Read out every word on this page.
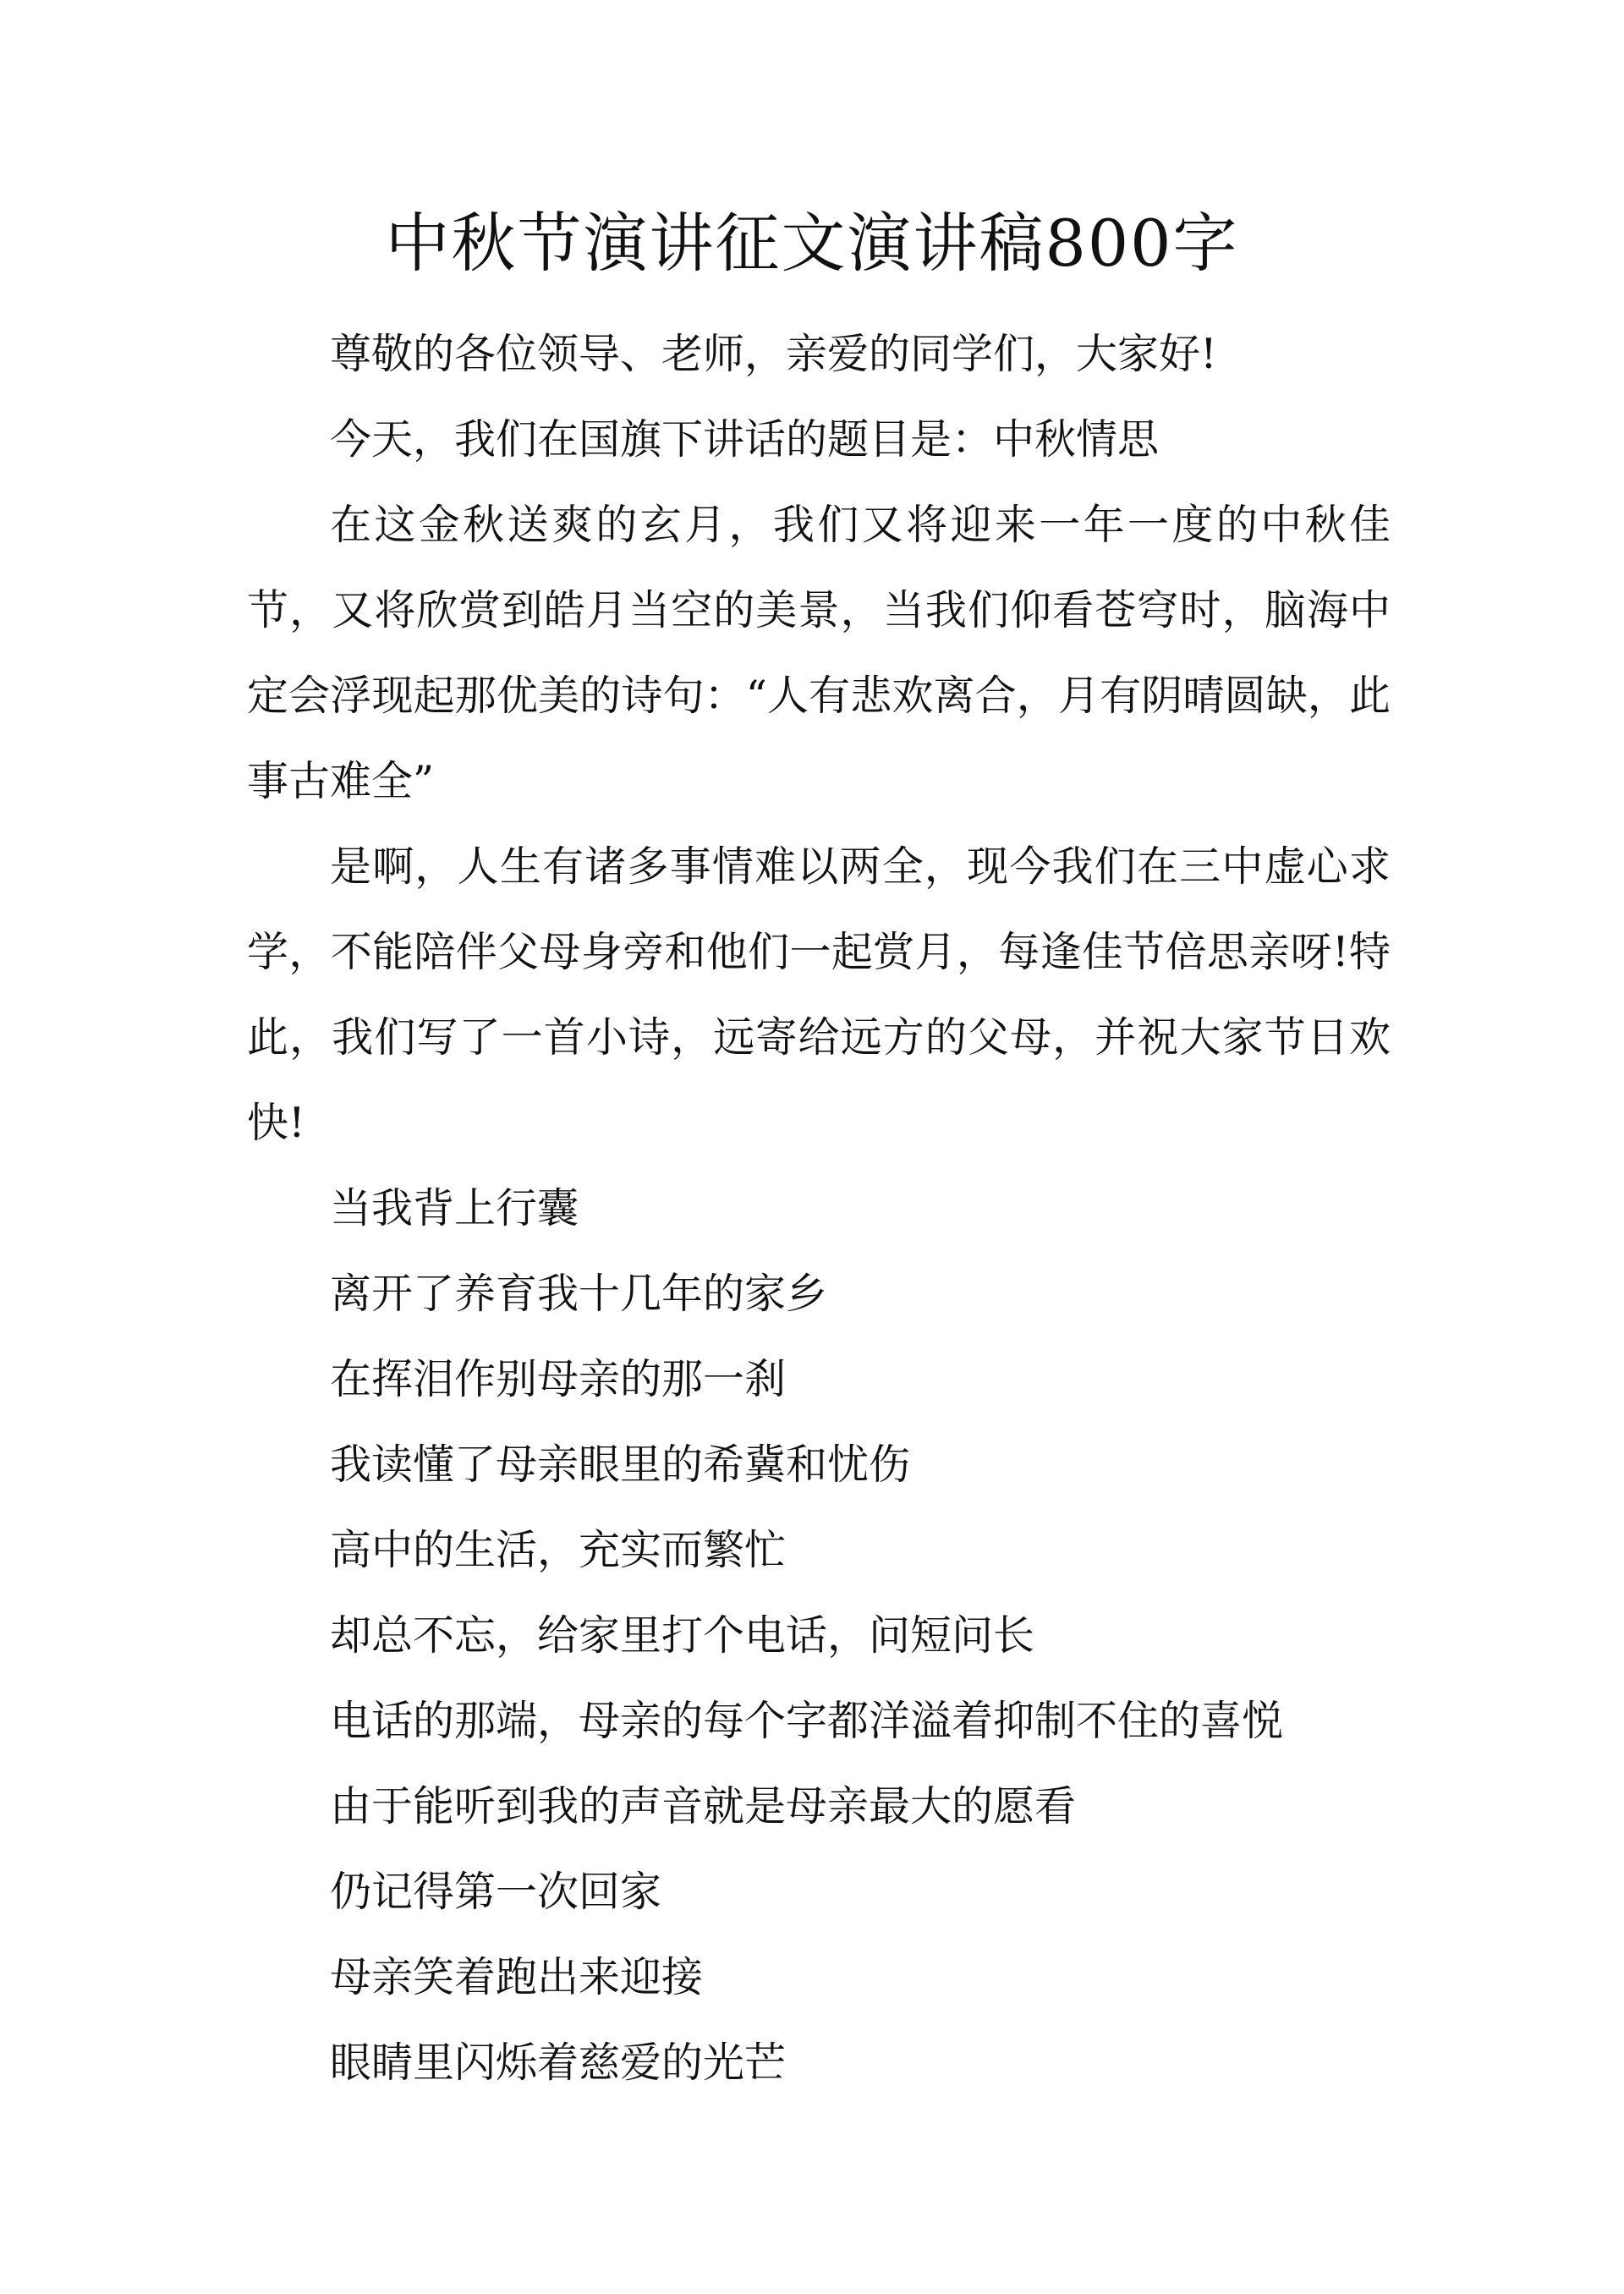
中秋节演讲征文演讲稿800字

尊敬的各位领导、老师，亲爱的同学们，大家好!

今天，我们在国旗下讲话的题目是：中秋情思

在这金秋送爽的玄月，我们又将迎来一年一度的中秋佳节，又将欣赏到皓月当空的美景，当我们仰看苍穹时，脑海中定会浮现起那优美的诗句：“人有悲欢离合，月有阴晴圆缺，此事古难全”

是啊，人生有诸多事情难以两全，现今我们在三中虚心求学，不能陪伴父母身旁和他们一起赏月，每逢佳节倍思亲呀!特此，我们写了一首小诗，远寄给远方的父母，并祝大家节日欢快!

当我背上行囊

离开了养育我十几年的家乡

在挥泪作别母亲的那一刹

我读懂了母亲眼里的希冀和忧伤

高中的生活，充实而繁忙

却总不忘，给家里打个电话，问短问长

电话的那端，母亲的每个字都洋溢着抑制不住的喜悦

由于能听到我的声音就是母亲最大的愿看

仍记得第一次回家

母亲笑着跑出来迎接

眼睛里闪烁着慈爱的光芒
